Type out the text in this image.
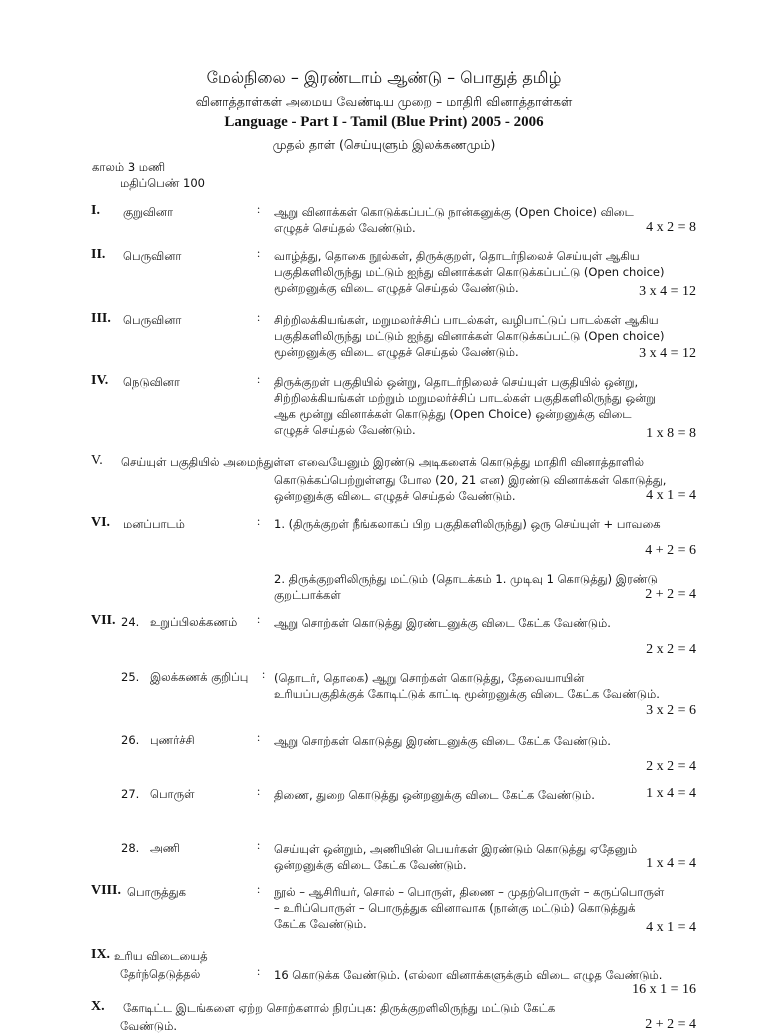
மேல்நிலை – இரண்டாம் ஆண்டு – பொதுத் தமிழ்
வினாத்தாள்கள் அமைய வேண்டிய முறை – மாதிரி வினாத்தாள்கள்
Language - Part I - Tamil (Blue Print) 2005 - 2006
முதல் தாள் (செய்யுளும் இலக்கணமும்)
காலம் 3 மணி
மதிப்பெண் 100
I. குறுவினா	: ஆறு வினாக்கள் கொடுக்கப்பட்டு நான்கனுக்கு (Open Choice) விடை
எழுதச் செய்தல் வேண்டும்.	4 x 2 = 8
II. பெருவினா	: வாழ்த்து, தொகை நூல்கள், திருக்குறள், தொடர்நிலைச் செய்யுள் ஆகிய
பகுதிகளிலிருந்து மட்டும் ஐந்து வினாக்கள் கொடுக்கப்பட்டு (Open choice)
மூன்றனுக்கு விடை எழுதச் செய்தல் வேண்டும்.	3 x 4 = 12
III. பெருவினா	: சிற்றிலக்கியங்கள், மறுமலர்ச்சிப் பாடல்கள், வழிபாட்டுப் பாடல்கள் ஆகிய
பகுதிகளிலிருந்து மட்டும் ஐந்து வினாக்கள் கொடுக்கப்பட்டு (Open choice)
மூன்றனுக்கு விடை எழுதச் செய்தல் வேண்டும்.	3 x 4 = 12
IV. நெடுவினா	: திருக்குறள் பகுதியில் ஒன்று, தொடர்நிலைச் செய்யுள் பகுதியில் ஒன்று,
சிற்றிலக்கியங்கள் மற்றும் மறுமலர்ச்சிப் பாடல்கள் பகுதிகளிலிருந்து ஒன்று
ஆக மூன்று வினாக்கள் கொடுத்து (Open Choice) ஒன்றனுக்கு விடை
எழுதச் செய்தல் வேண்டும்.	1 x 8 = 8
V. செய்யுள் பகுதியில் அமைந்துள்ள எவையேனும் இரண்டு அடிகளைக் கொடுத்து மாதிரி வினாத்தாளில்
கொடுக்கப்பெற்றுள்ளது போல (20, 21 என) இரண்டு வினாக்கள் கொடுத்து,
ஒன்றனுக்கு விடை எழுதச் செய்தல் வேண்டும்.	4 x 1 = 4
VI. மனப்பாடம்	: 1. (திருக்குறள் நீங்கலாகப் பிற பகுதிகளிலிருந்து) ஒரு செய்யுள் + பாவகை
4 + 2 = 6
2. திருக்குறளிலிருந்து மட்டும் (தொடக்கம் 1. முடிவு 1 கொடுத்து) இரண்டு
குறட்பாக்கள்	2 + 2 = 4
VII. 24. உறுப்பிலக்கணம் : ஆறு சொற்கள் கொடுத்து இரண்டனுக்கு விடை கேட்க வேண்டும்.
2 x 2 = 4
25. இலக்கணக் குறிப்பு : (தொடர், தொகை) ஆறு சொற்கள் கொடுத்து, தேவையாயின்
உரியப்பகுதிக்குக் கோடிட்டுக் காட்டி மூன்றனுக்கு விடை கேட்க வேண்டும்.
3 x 2 = 6
26. புணர்ச்சி	: ஆறு சொற்கள் கொடுத்து இரண்டனுக்கு விடை கேட்க வேண்டும்.
2 x 2 = 4
27. பொருள்	: திணை, துறை கொடுத்து ஒன்றனுக்கு விடை கேட்க வேண்டும்.	1 x 4 = 4
28. அணி	: செய்யுள் ஒன்றும், அணியின் பெயர்கள் இரண்டும் கொடுத்து ஏதேனும்
ஒன்றனுக்கு விடை கேட்க வேண்டும்.	1 x 4 = 4
VIII. பொருத்துக	: நூல் – ஆசிரியர், சொல் – பொருள், திணை – முதற்பொருள் – கருப்பொருள்
– உரிப்பொருள் – பொருத்துக வினாவாக (நான்கு மட்டும்) கொடுத்துக்
கேட்க வேண்டும்.	4 x 1 = 4
IX. உரிய விடையைத்
தேர்ந்தெடுத்தல்	: 16 கொடுக்க வேண்டும். (எல்லா வினாக்களுக்கும் விடை எழுத வேண்டும்.
16 x 1 = 16
X. கோடிட்ட இடங்களை ஏற்ற சொற்களால் நிரப்புக: திருக்குறளிலிருந்து மட்டும் கேட்க
வேண்டும்.	2 + 2 = 4
